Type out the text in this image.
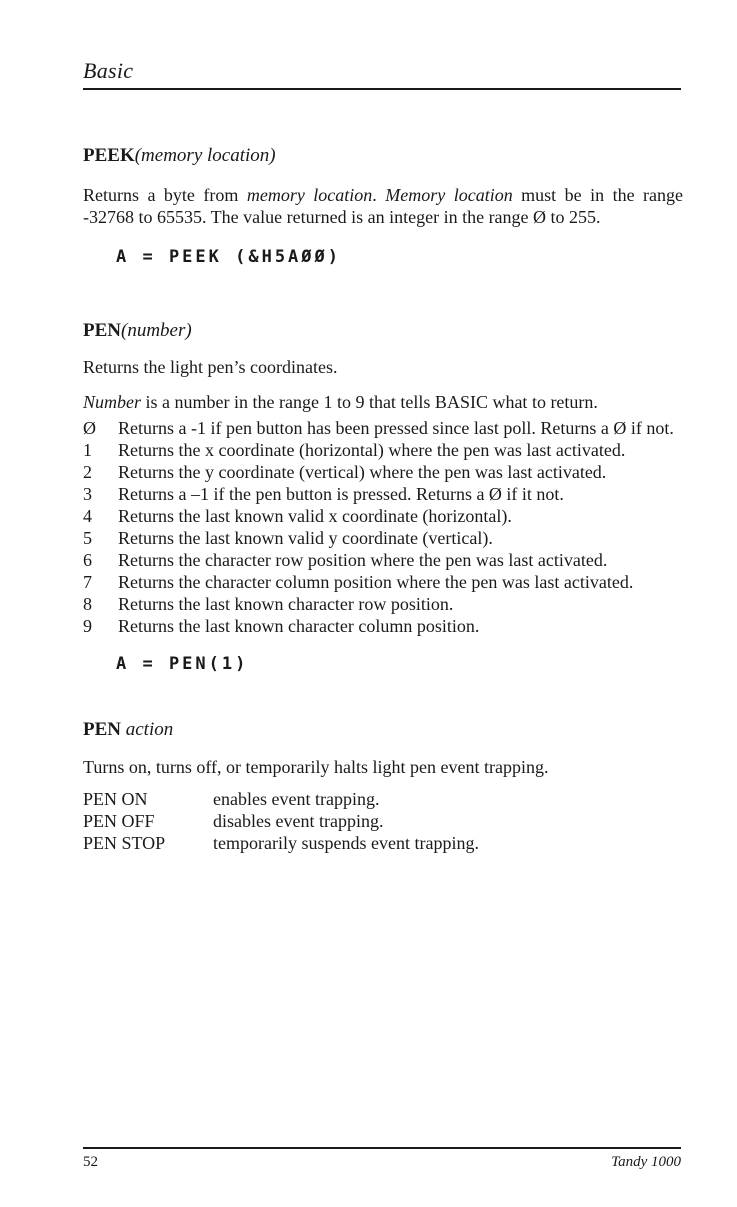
Basic

PEEK(memory location)

Returns a byte from memory location. Memory location must be in the range -32768 to 65535. The value returned is an integer in the range Ø to 255.

A = PEEK (&H5AØØ)

PEN(number)

Returns the light pen’s coordinates.

Number is a number in the range 1 to 9 that tells BASIC what to return.

Ø	Returns a -1 if pen button has been pressed since last poll. Returns a Ø if not.
1	Returns the x coordinate (horizontal) where the pen was last activated.
2	Returns the y coordinate (vertical) where the pen was last activated.
3	Returns a –1 if the pen button is pressed. Returns a Ø if it not.
4	Returns the last known valid x coordinate (horizontal).
5	Returns the last known valid y coordinate (vertical).
6	Returns the character row position where the pen was last activated.
7	Returns the character column position where the pen was last activated.
8	Returns the last known character row position.
9	Returns the last known character column position.

A = PEN(1)

PEN action

Turns on, turns off, or temporarily halts light pen event trapping.

PEN ON	enables event trapping.
PEN OFF	disables event trapping.
PEN STOP	temporarily suspends event trapping.
52	Tandy 1000
